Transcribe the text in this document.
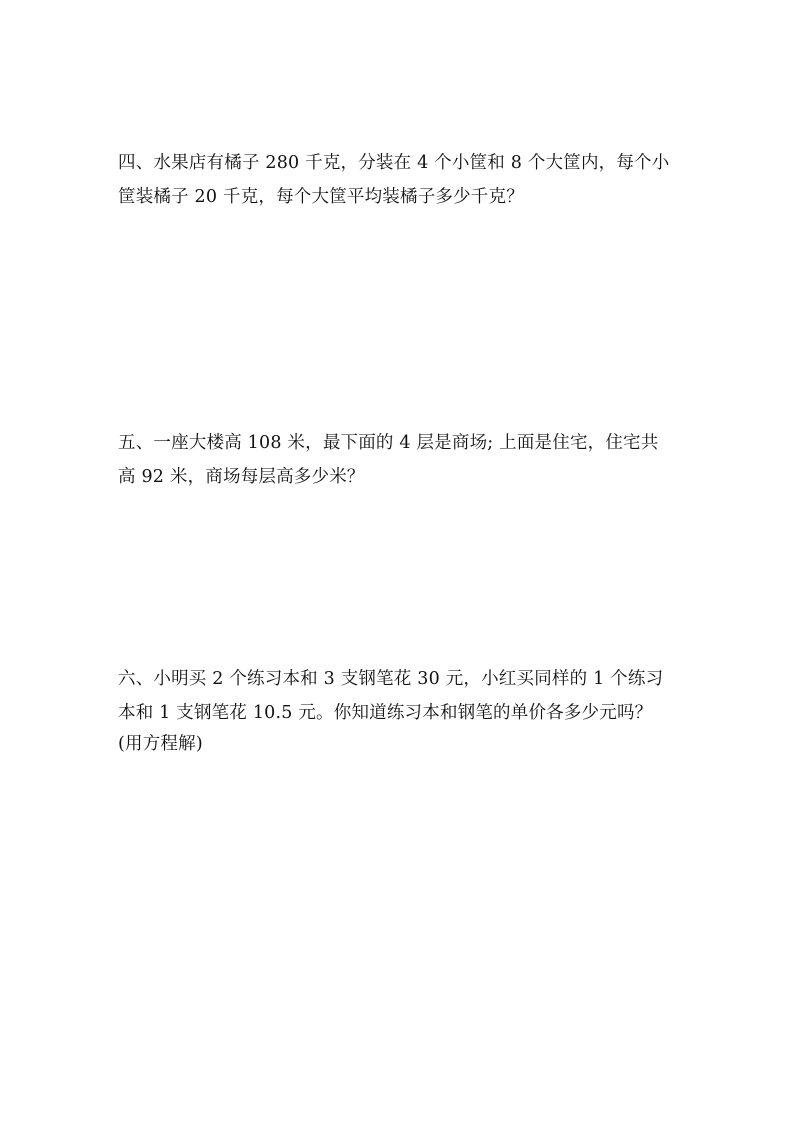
四、水果店有橘子 280 千克，分装在 4 个小筐和 8 个大筐内，每个小
筐装橘子 20 千克，每个大筐平均装橘子多少千克？
五、一座大楼高 108 米，最下面的 4 层是商场; 上面是住宅，住宅共
高 92 米，商场每层高多少米？
六、小明买 2 个练习本和 3 支钢笔花 30 元，小红买同样的 1 个练习
本和 1 支钢笔花 10.5 元。你知道练习本和钢笔的单价各多少元吗？
(用方程解)
